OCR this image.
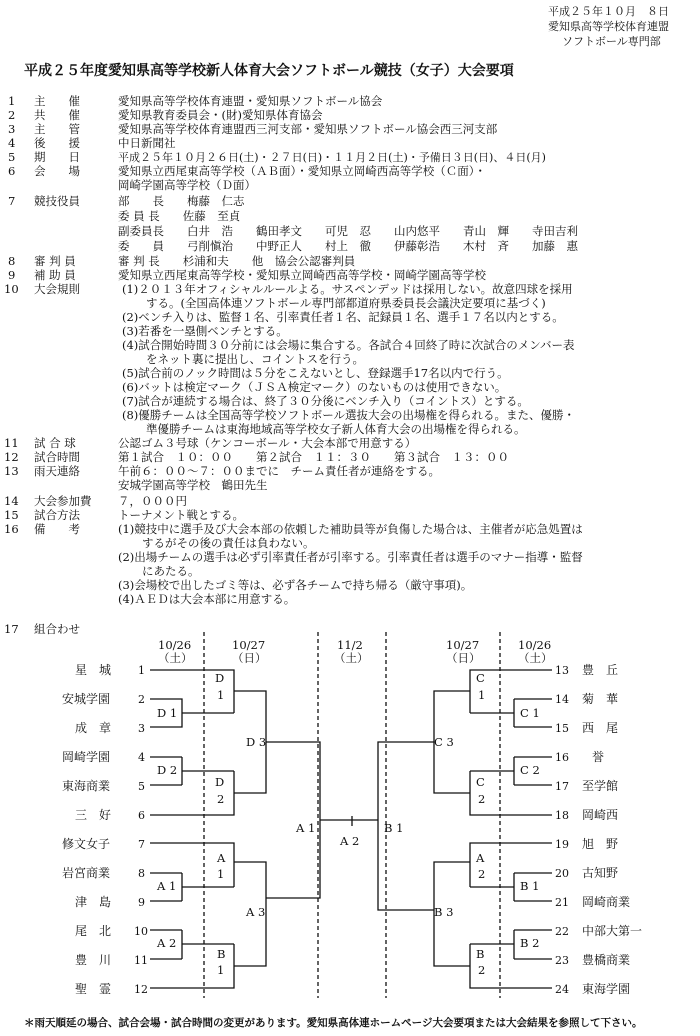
平成２５年１０月　８日
愛知県高等学校体育連盟
ソフトボール専門部
平成２５年度愛知県高等学校新人体育大会ソフトボール競技（女子）大会要項
1 主　　催	愛知県高等学校体育連盟・愛知県ソフトボール協会
2 共　　催	愛知県教育委員会・(財)愛知県体育協会
3 主　　管	愛知県高等学校体育連盟西三河支部・愛知県ソフトボール協会西三河支部
4 後　　援	中日新聞社
5 期　　日	平成２５年１０月２６日(土)・２７日(日)・１１月２日(土)・予備日３日(日)、４日(月)
6 会　　場	愛知県立西尾東高等学校（ＡＢ面）・愛知県立岡崎西高等学校（Ｃ面）・
岡崎学園高等学校（Ｄ面）
7 競技役員	部　　長　　梅藤　仁志
委 員 長　　佐藤　至貞
副委員長　　白井　浩　　鶴田孝文　　可児　忍　　山内悠平　　青山　輝　　寺田吉利
委　　員　　弓削愼治　　中野正人　　村上　徹　　伊藤彰浩　　木村　斉　　加藤　惠
8 審 判 員	審 判 長　　杉浦和夫　　他　協会公認審判員
9 補 助 員	愛知県立西尾東高等学校・愛知県立岡崎西高等学校・岡崎学園高等学校
10 大会規則	(1)２０１３年オフィシャルルールよる。サスペンデッドは採用しない。故意四球を採用
する。(全国高体連ソフトボール専門部都道府県委員長会議決定要項に基づく)
(2)ベンチ入りは、監督１名、引率責任者１名、記録員１名、選手１７名以内とする。
(3)若番を一塁側ベンチとする。
(4)試合開始時間３０分前には会場に集合する。各試合４回終了時に次試合のメンバー表
をネット裏に提出し、コイントスを行う。
(5)試合前のノック時間は５分をこえないとし、登録選手17名以内で行う。
(6)バットは検定マーク（ＪＳＡ検定マーク）のないものは使用できない。
(7)試合が連続する場合は、終了３０分後にベンチ入り（コイントス）とする。
(8)優勝チームは全国高等学校ソフトボール選抜大会の出場権を得られる。また、優勝・
準優勝チームは東海地域高等学校女子新人体育大会の出場権を得られる。
11 試 合 球	公認ゴム３号球（ケンコーボール・大会本部で用意する）
12 試合時間	第１試合　１０：００　　第２試合　１１：３０　　第３試合　１３：００
13 雨天連絡	午前６：００～７：００までに　チーム責任者が連絡をする。
安城学園高等学校　鶴田先生
14 大会参加費 ７，０００円
15 試合方法	トーナメント戦とする。
16 備　　考	(1)競技中に選手及び大会本部の依頼した補助員等が負傷した場合は、主催者が応急処置は
するがその後の責任は負わない。
(2)出場チームの選手は必ず引率責任者が引率する。引率責任者は選手のマナー指導・監督
にあたる。
(3)会場校で出したゴミ等は、必ず各チームで持ち帰る（厳守事項)。
(4)ＡＥＤは大会本部に用意する。
17 組合わせ
10/26
（土）
10/27
（日）
11/2
（土）
10/27
（日）
10/26
（土）
星　城 1
安城学園	2
成　章 3
岡崎学園	4
東海商業	5
三　好 6
修文女子	7
岩宮商業	8
津　島 9
尾　北 10
豊　川 11
聖　霊 12
13 豊　丘
14 菊　華
15 西　尾
16 誉
17 至学館
18 岡崎西
19 旭　野
20 古知野
21 岡崎商業
22 中部大第一
23 豊橋商業
24 東海学園
D
1
D 1
D 3
D 2
D
2
A
1
A 1
A 3
A 2
B
1
A 1
A 2
B 1
C
1
C 1
C 3
C 2
C
2
A
2
B 1
B 3
B 2
B
2
＊雨天順延の場合、試合会場・試合時間の変更があります。愛知県高体連ホームページ大会要項または大会結果を参照して下さい。
